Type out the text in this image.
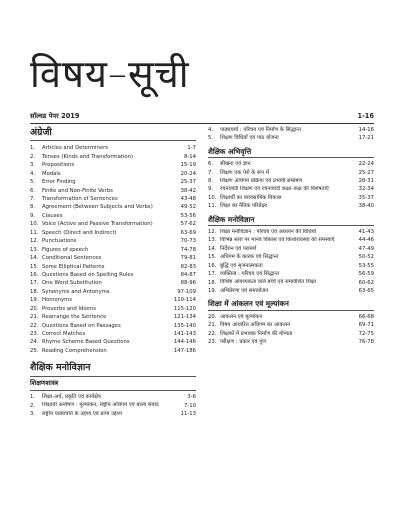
विषय–सूची
सॉल्वड पेपर 2019	1-16
अंग्रेजी
1.	Articles and Determiners	1-7
2.	Tenses (Kinds and Transformation)	8-14
3.	Prepositions	15-19
4.	Modals	20-24
5.	Error Finding	25-37
6.	Finite and Non-Finite Verbs	38-42
7.	Transformation of Sentences	43-48
8.	Agreement (Between Subjects and Verbs)	49-52
9.	Clauses	53-56
10. Voice (Active and Passive Transformation)	57-62
11. Speech (Direct and Indirect)	63-69
12. Punctuations	70-73
13. Figures of speech	74-78
14. Conditional Sentences	79-81
15. Some Elliptical Patterns	82-83
16. Questions Based on Spelling Rules	84-87
17. One Word Substitution	88-96
18. Synonyms and Antonyms	97-109
19. Homonyms	110-114
20. Proverbs and Idioms	115-120
21. Rearrange the Sentence	121-134
22. Questions Based on Passages	135-140
23. Correct Matches	141-143
24. Rhyme Scheme Based Questions	144-146
25. Reading Comprehension	147-186
शैक्षिक मनोविज्ञान
शिक्षणशास्त्र
1.	शिक्षा-अर्थ, प्रकृति एवं कार्यक्षेत्र	3-6
2.	शिक्षार्थी अन्वेषण : मूल्यांकन, राष्ट्रीय अधिगम एवं बाल्य संवाद	7-10
3.	राष्ट्रीय पाठ्यचर्या के उद्देश्य एवं प्राप्य उद्देश्य	11-13
4.	पाठ्यचर्या : परिचय एवं निर्माण के सिद्धान्त	14-16
5.	शिक्षण विधियाँ एवं पाठ योजना	17-21
शैक्षिक अभिवृत्ति
6.	सीखना एवं ज्ञान	22-24
7.	शिक्षण एक पेशे के रूप में	25-27
8.	शिक्षण अधिगम प्रक्रिया एवं प्रभावी सम्प्रेषण	28-31
9.	रचनावादी शिक्षण एवं रचनावादी कक्षा–कक्ष की विशेषताएँ	32-34
10. शिक्षार्थी का व्यावसायिक विकास	35-37
11. शिक्षा का नैतिक परिप्रेक्ष्य	38-40
शैक्षिक मनोविज्ञान
12. शिक्षा मनोविज्ञान : परिचय एवं अध्ययन की विधियाँ	41-43
13. विभिन्न स्तरों पर मानव विकास एवं किशोरावस्था की समस्याएँ	44-46
14. निर्देशन एवं परामर्श	47-49
15. अधिगम के कारक एवं सिद्धान्त	50-52
16. बुद्धि एवं सृजनात्मकता	53-55
17. व्यक्तित्व : परिचय एवं सिद्धान्त	56-59
18. विशिष्ट आवश्यकता वाले बच्चे एवं समावेशित शिक्षा	60-62
19. अभिप्रेरणा एवं समायोजन	63-65
शिक्षा में आंकलन एवं मूल्यांकन
20. आकलन एवं मूल्यांकन	66-68
21. विषय आधारित अधिगम का आकलन	69-71
22. शिक्षकों में प्रभावक निर्माण की योग्यता	72-75
23. परीक्षण : प्रकार एवं गुण	76-78
